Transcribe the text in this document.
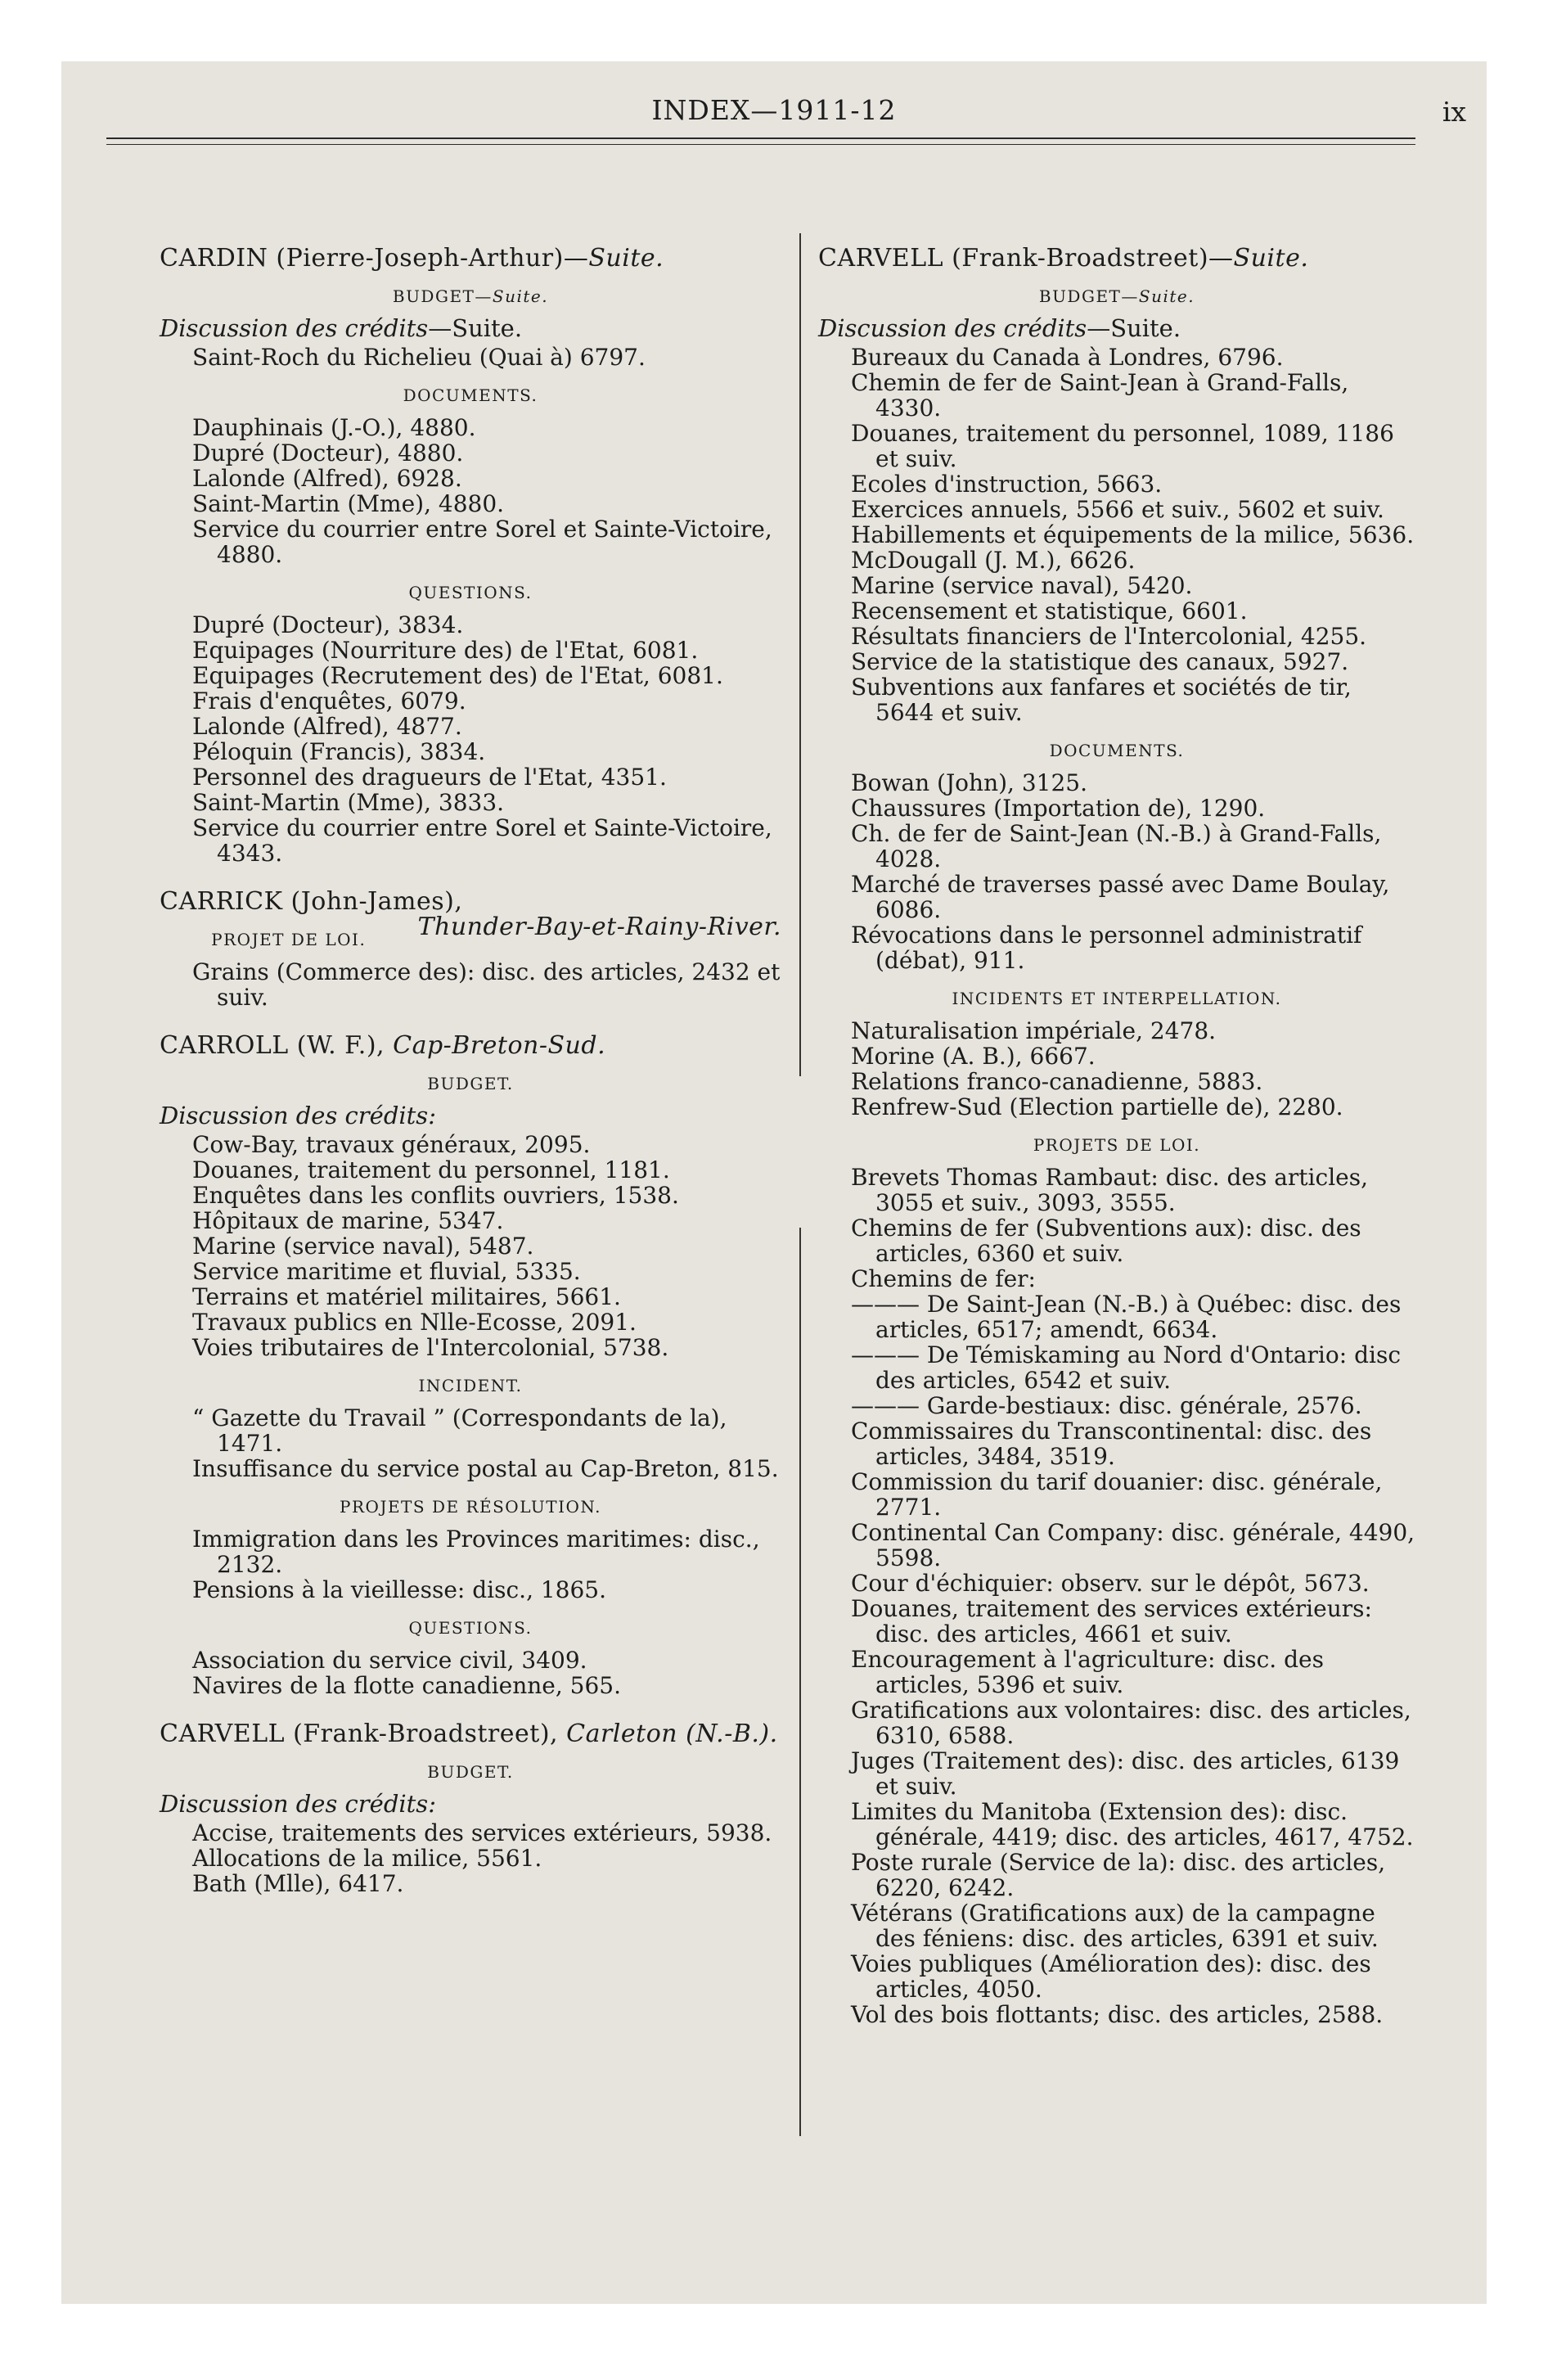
INDEX—1911-12	ix
CARDIN (Pierre-Joseph-Arthur)—Suite.
BUDGET—Suite.
Discussion des crédits—Suite.
Saint-Roch du Richelieu (Quai à) 6797.
DOCUMENTS.
Dauphinais (J.-O.), 4880.
Dupré (Docteur), 4880.
Lalonde (Alfred), 6928.
Saint-Martin (Mme), 4880.
Service du courrier entre Sorel et Sainte-Victoire, 4880.
QUESTIONS.
Dupré (Docteur), 3834.
Equipages (Nourriture des) de l'Etat, 6081.
Equipages (Recrutement des) de l'Etat, 6081.
Frais d'enquêtes, 6079.
Lalonde (Alfred), 4877.
Péloquin (Francis), 3834.
Personnel des dragueurs de l'Etat, 4351.
Saint-Martin (Mme), 3833.
Service du courrier entre Sorel et Sainte-Victoire, 4343.
CARRICK (John-James),
Thunder-Bay-et-Rainy-River.
PROJET DE LOI.
Grains (Commerce des): disc. des articles, 2432 et suiv.
CARROLL (W. F.), Cap-Breton-Sud.
BUDGET.
Discussion des crédits:
Cow-Bay, travaux généraux, 2095.
Douanes, traitement du personnel, 1181.
Enquêtes dans les conflits ouvriers, 1538.
Hôpitaux de marine, 5347.
Marine (service naval), 5487.
Service maritime et fluvial, 5335.
Terrains et matériel militaires, 5661.
Travaux publics en Nlle-Ecosse, 2091.
Voies tributaires de l'Intercolonial, 5738.
INCIDENT.
“ Gazette du Travail ” (Correspondants de la), 1471.
Insuffisance du service postal au Cap-Breton, 815.
PROJETS DE RÉSOLUTION.
Immigration dans les Provinces maritimes: disc., 2132.
Pensions à la vieillesse: disc., 1865.
QUESTIONS.
Association du service civil, 3409.
Navires de la flotte canadienne, 565.
CARVELL (Frank-Broadstreet), Carleton (N.-B.).
BUDGET.
Discussion des crédits:
Accise, traitements des services extérieurs, 5938.
Allocations de la milice, 5561.
Bath (Mlle), 6417.
CARVELL (Frank-Broadstreet)—Suite.
BUDGET—Suite.
Discussion des crédits—Suite.
Bureaux du Canada à Londres, 6796.
Chemin de fer de Saint-Jean à Grand-Falls, 4330.
Douanes, traitement du personnel, 1089, 1186 et suiv.
Ecoles d'instruction, 5663.
Exercices annuels, 5566 et suiv., 5602 et suiv.
Habillements et équipements de la milice, 5636.
McDougall (J. M.), 6626.
Marine (service naval), 5420.
Recensement et statistique, 6601.
Résultats financiers de l'Intercolonial, 4255.
Service de la statistique des canaux, 5927.
Subventions aux fanfares et sociétés de tir, 5644 et suiv.
DOCUMENTS.
Bowan (John), 3125.
Chaussures (Importation de), 1290.
Ch. de fer de Saint-Jean (N.-B.) à Grand-Falls, 4028.
Marché de traverses passé avec Dame Boulay, 6086.
Révocations dans le personnel administratif (débat), 911.
INCIDENTS ET INTERPELLATION.
Naturalisation impériale, 2478.
Morine (A. B.), 6667.
Relations franco-canadienne, 5883.
Renfrew-Sud (Election partielle de), 2280.
PROJETS DE LOI.
Brevets Thomas Rambaut: disc. des articles, 3055 et suiv., 3093, 3555.
Chemins de fer (Subventions aux): disc. des articles, 6360 et suiv.
Chemins de fer:
——— De Saint-Jean (N.-B.) à Québec: disc. des articles, 6517; amendt, 6634.
——— De Témiskaming au Nord d'Ontario: disc des articles, 6542 et suiv.
——— Garde-bestiaux: disc. générale, 2576.
Commissaires du Transcontinental: disc. des articles, 3484, 3519.
Commission du tarif douanier: disc. générale, 2771.
Continental Can Company: disc. générale, 4490, 5598.
Cour d'échiquier: observ. sur le dépôt, 5673.
Douanes, traitement des services extérieurs: disc. des articles, 4661 et suiv.
Encouragement à l'agriculture: disc. des articles, 5396 et suiv.
Gratifications aux volontaires: disc. des articles, 6310, 6588.
Juges (Traitement des): disc. des articles, 6139 et suiv.
Limites du Manitoba (Extension des): disc. générale, 4419; disc. des articles, 4617, 4752.
Poste rurale (Service de la): disc. des articles, 6220, 6242.
Vétérans (Gratifications aux) de la campagne des féniens: disc. des articles, 6391 et suiv.
Voies publiques (Amélioration des): disc. des articles, 4050.
Vol des bois flottants; disc. des articles, 2588.
